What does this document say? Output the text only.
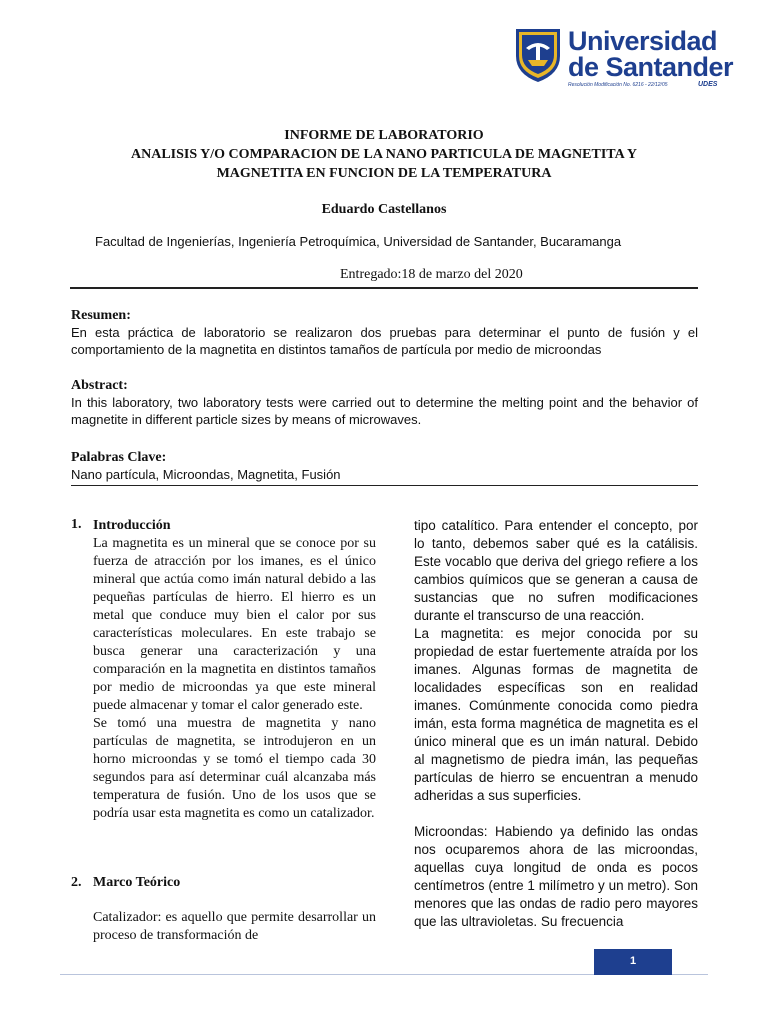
Universidad
de Santander
Resolución Modificación No. 6216 - 22/12/05	UDES
INFORME DE LABORATORIO
ANALISIS Y/O COMPARACION DE LA NANO PARTICULA DE MAGNETITA Y
MAGNETITA EN FUNCION DE LA TEMPERATURA
Eduardo Castellanos
Facultad de Ingenierías, Ingeniería Petroquímica, Universidad de Santander, Bucaramanga
Entregado:18 de marzo del 2020
Resumen:
En esta práctica de laboratorio se realizaron dos pruebas para determinar el punto de fusión y el comportamiento de la magnetita en distintos tamaños de partícula por medio de microondas
Abstract:
In this laboratory, two laboratory tests were carried out to determine the melting point and the behavior of magnetite in different particle sizes by means of microwaves.
Palabras Clave:
Nano partícula, Microondas, Magnetita, Fusión
1. Introducción

La magnetita es un mineral que se conoce por su fuerza de atracción por los imanes, es el único mineral que actúa como imán natural debido a las pequeñas partículas de hierro. El hierro es un metal que conduce muy bien el calor por sus características moleculares. En este trabajo se busca generar una caracterización y una comparación en la magnetita en distintos tamaños por medio de microondas ya que este mineral puede almacenar y tomar el calor generado este.

Se tomó una muestra de magnetita y nano partículas de magnetita, se introdujeron en un horno microondas y se tomó el tiempo cada 30 segundos para así determinar cuál alcanzaba más temperatura de fusión. Uno de los usos que se podría usar esta magnetita es como un catalizador.

2. Marco Teórico
Catalizador: es aquello que permite desarrollar un proceso de transformación de

tipo catalítico. Para entender el concepto, por lo tanto, debemos saber qué es la catálisis. Este vocablo que deriva del griego refiere a los cambios químicos que se generan a causa de sustancias que no sufren modificaciones durante el transcurso de una reacción.

La magnetita: es mejor conocida por su propiedad de estar fuertemente atraída por los imanes. Algunas formas de magnetita de localidades específicas son en realidad imanes. Comúnmente conocida como piedra imán, esta forma magnética de magnetita es el único mineral que es un imán natural. Debido al magnetismo de piedra imán, las pequeñas partículas de hierro se encuentran a menudo adheridas a sus superficies.

Microondas: Habiendo ya definido las ondas nos ocuparemos ahora de las microondas, aquellas cuya longitud de onda es pocos centímetros (entre 1 milímetro y un metro). Son menores que las ondas de radio pero mayores que las ultravioletas. Su frecuencia

1
